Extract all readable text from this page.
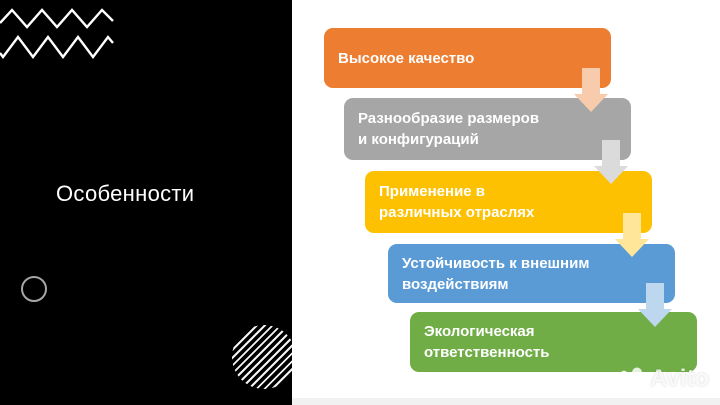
Особенности
Высокое качество
Разнообразие размеров
и конфигураций
Применение в
различных отраслях
Устойчивость к внешним
воздействиям
Экологическая
ответственность
Avito
